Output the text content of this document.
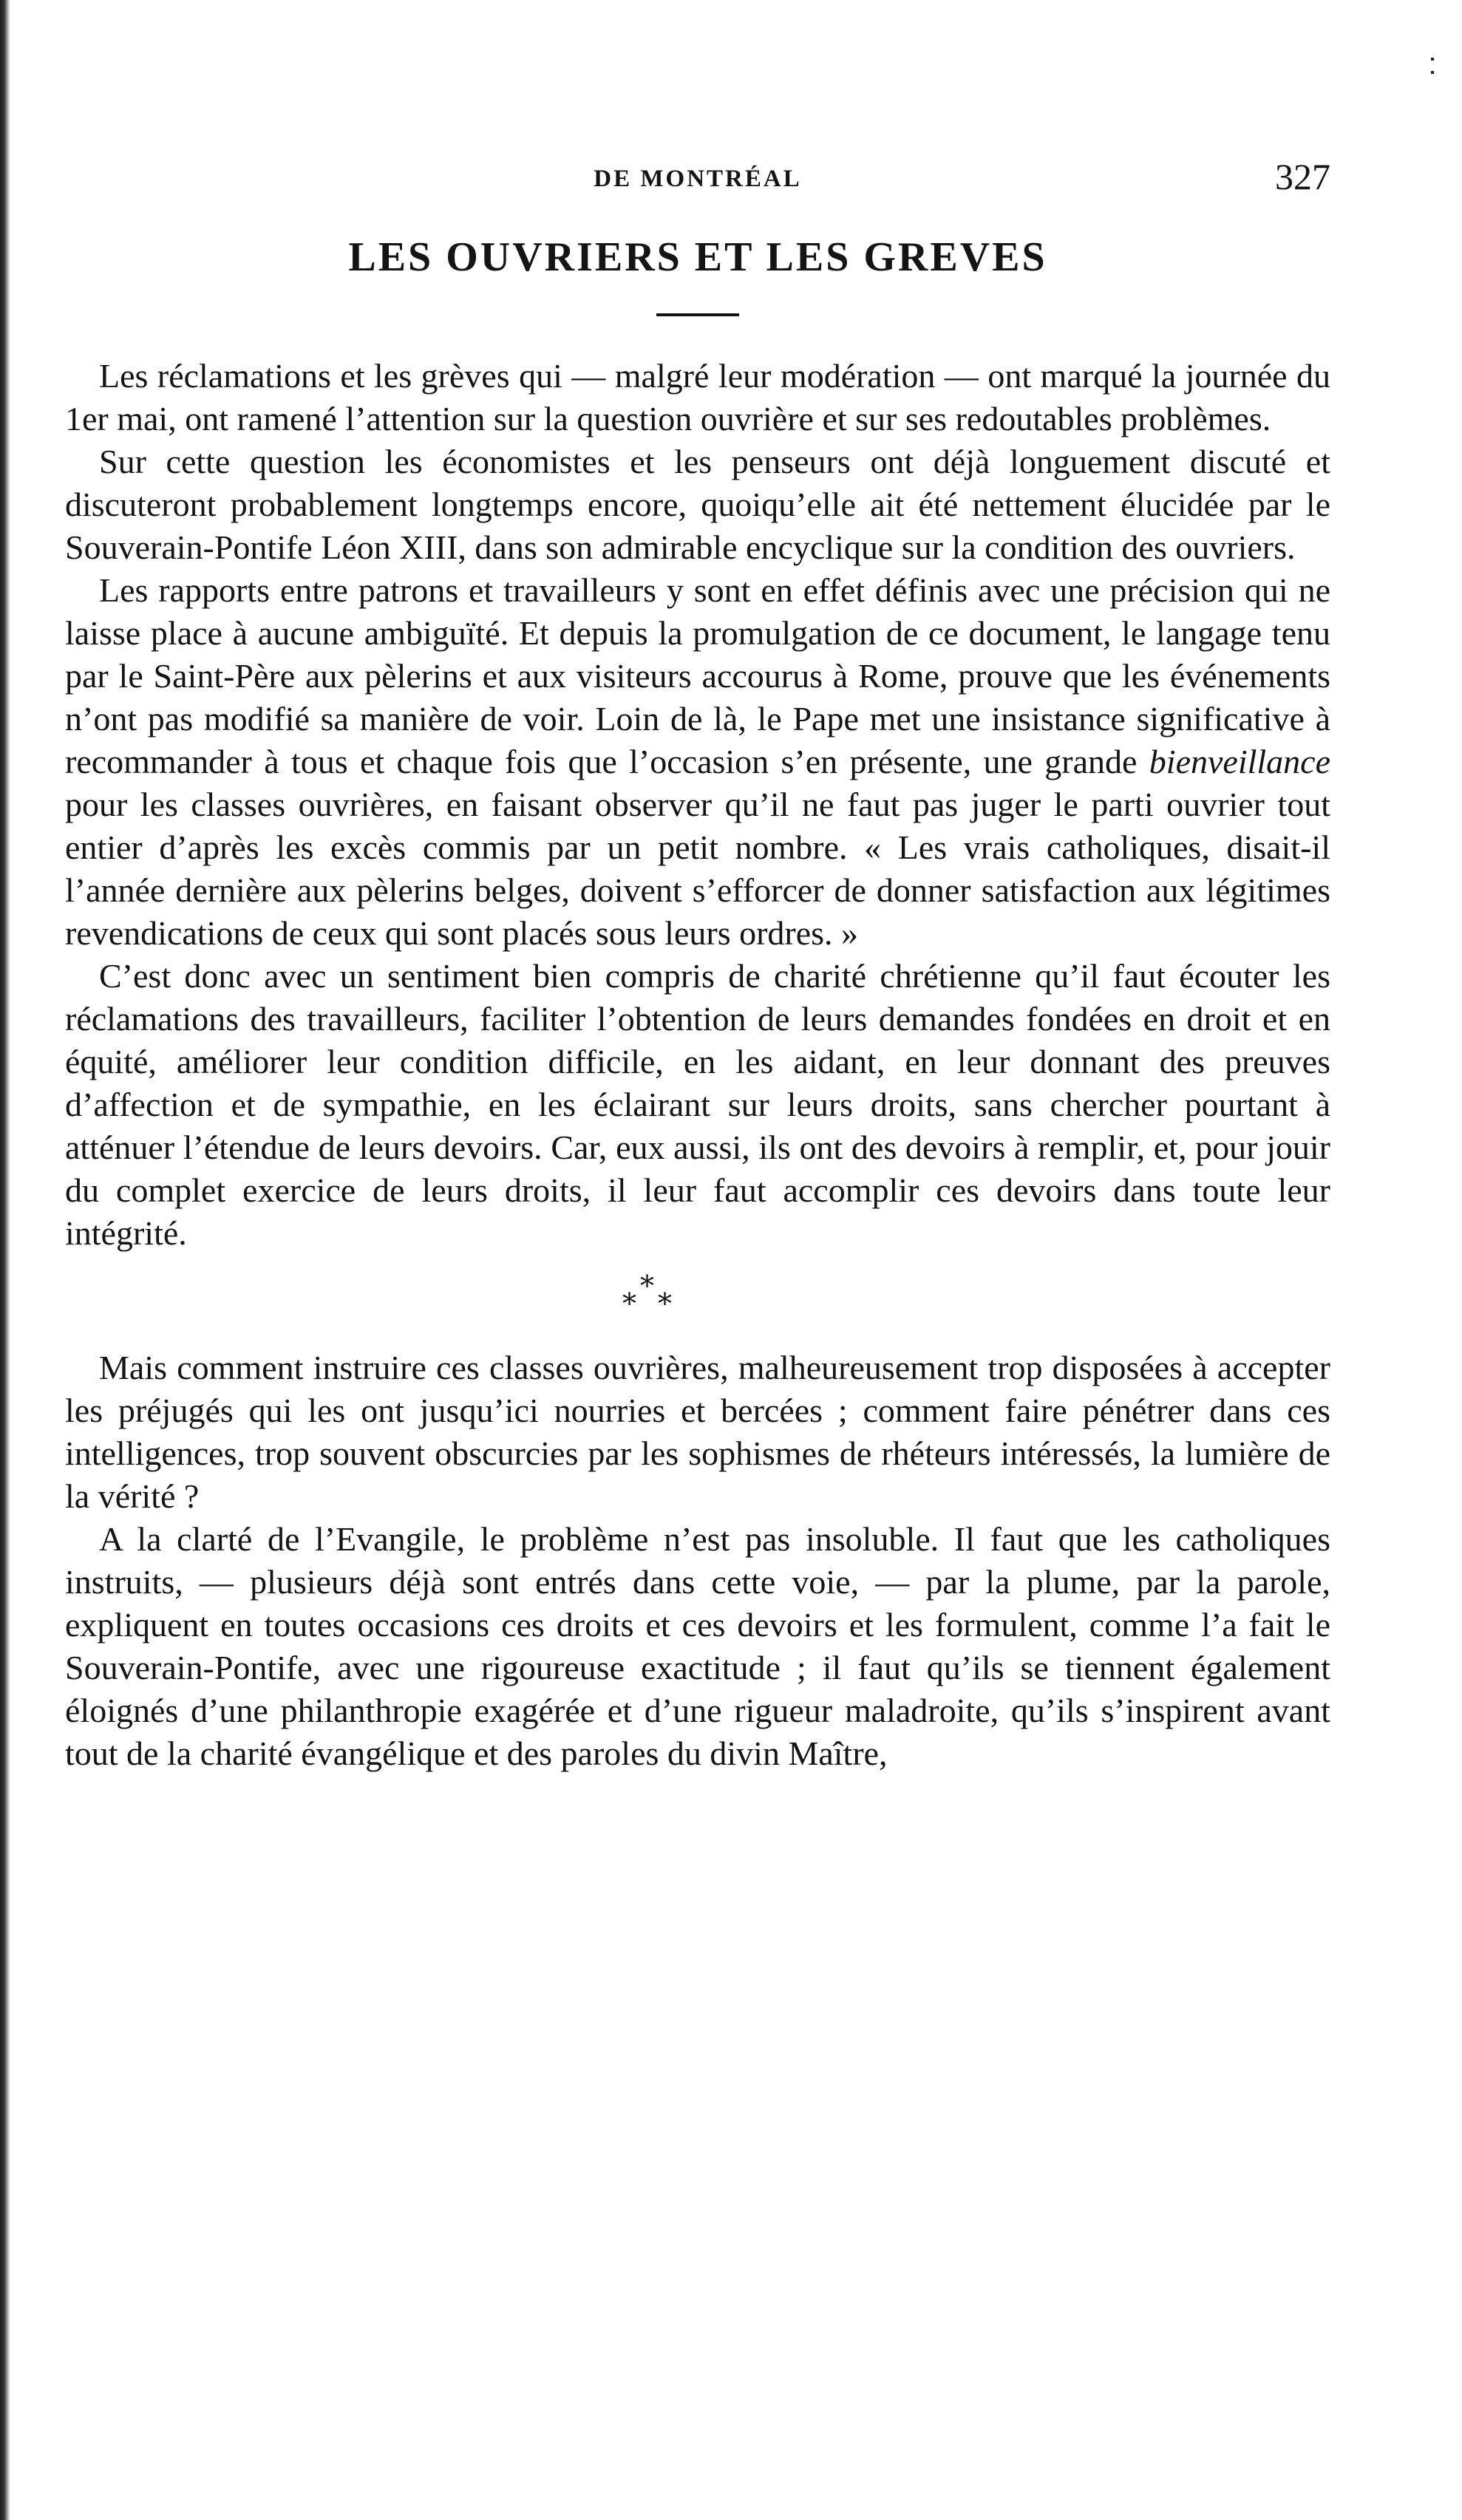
DE MONTRÉAL	327
LES OUVRIERS ET LES GREVES

Les réclamations et les grèves qui — malgré leur modération — ont marqué la journée du 1er mai, ont ramené l’attention sur la question ouvrière et sur ses redoutables problèmes.

Sur cette question les économistes et les penseurs ont déjà longuement discuté et discuteront probablement longtemps encore, quoiqu’elle ait été nettement élucidée par le Souverain-Pontife Léon XIII, dans son admirable encyclique sur la condition des ouvriers.

Les rapports entre patrons et travailleurs y sont en effet définis avec une précision qui ne laisse place à aucune ambiguïté. Et depuis la promulgation de ce document, le langage tenu par le Saint-Père aux pèlerins et aux visiteurs accourus à Rome, prouve que les événements n’ont pas modifié sa manière de voir. Loin de là, le Pape met une insistance significative à recommander à tous et chaque fois que l’occasion s’en présente, une grande bienveillance pour les classes ouvrières, en faisant observer qu’il ne faut pas juger le parti ouvrier tout entier d’après les excès commis par un petit nombre. « Les vrais catholiques, disait-il l’année dernière aux pèlerins belges, doivent s’efforcer de donner satisfaction aux légitimes revendications de ceux qui sont placés sous leurs ordres. »

C’est donc avec un sentiment bien compris de charité chrétienne qu’il faut écouter les réclamations des travailleurs, faciliter l’obtention de leurs demandes fondées en droit et en équité, améliorer leur condition difficile, en les aidant, en leur donnant des preuves d’affection et de sympathie, en les éclairant sur leurs droits, sans chercher pourtant à atténuer l’étendue de leurs devoirs. Car, eux aussi, ils ont des devoirs à remplir, et, pour jouir du complet exercice de leurs droits, il leur faut accomplir ces devoirs dans toute leur intégrité.

*
* *

Mais comment instruire ces classes ouvrières, malheureusement trop disposées à accepter les préjugés qui les ont jusqu’ici nourries et bercées ; comment faire pénétrer dans ces intelligences, trop souvent obscurcies par les sophismes de rhéteurs intéressés, la lumière de la vérité ?

A la clarté de l’Evangile, le problème n’est pas insoluble. Il faut que les catholiques instruits, — plusieurs déjà sont entrés dans cette voie, — par la plume, par la parole, expliquent en toutes occasions ces droits et ces devoirs et les formulent, comme l’a fait le Souverain-Pontife, avec une rigoureuse exactitude ; il faut qu’ils se tiennent également éloignés d’une philanthropie exagérée et d’une rigueur maladroite, qu’ils s’inspirent avant tout de la charité évangélique et des paroles du divin Maître,
